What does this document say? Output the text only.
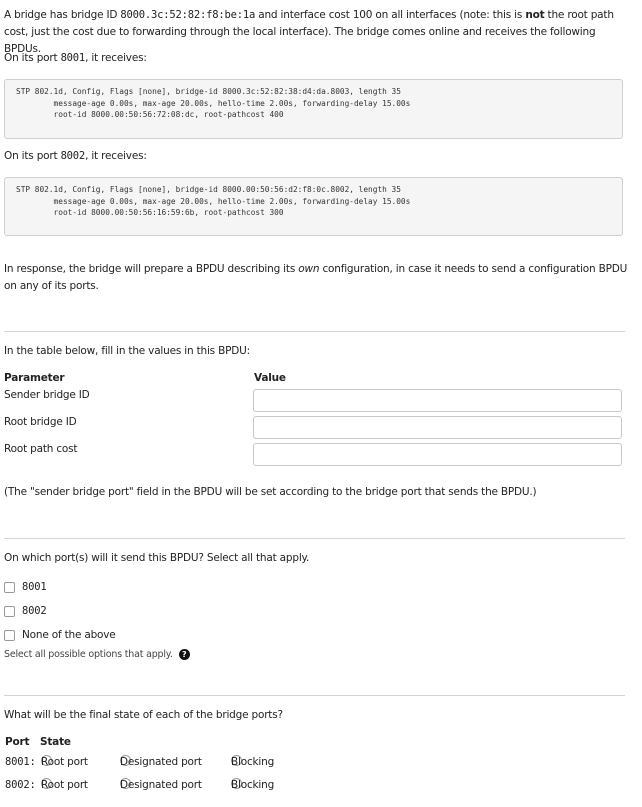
A bridge has bridge ID 8000.3c:52:82:f8:be:1a and interface cost 100 on all interfaces (note: this is not the root path cost, just the cost due to forwarding through the local interface). The bridge comes online and receives the following BPDUs.
On its port 8001, it receives:
STP 802.1d, Config, Flags [none], bridge-id 8000.3c:52:82:38:d4:da.8003, length 35
message-age 0.00s, max-age 20.00s, hello-time 2.00s, forwarding-delay 15.00s
root-id 8000.00:50:56:72:08:dc, root-pathcost 400
On its port 8002, it receives:
STP 802.1d, Config, Flags [none], bridge-id 8000.00:50:56:d2:f8:0c.8002, length 35
message-age 0.00s, max-age 20.00s, hello-time 2.00s, forwarding-delay 15.00s
root-id 8000.00:50:56:16:59:6b, root-pathcost 300
In response, the bridge will prepare a BPDU describing its own configuration, in case it needs to send a configuration BPDU on any of its ports.
In the table below, fill in the values in this BPDU:
Parameter	Value
Sender bridge ID
Root bridge ID
Root path cost
(The "sender bridge port" field in the BPDU will be set according to the bridge port that sends the BPDU.)
On which port(s) will it send this BPDU? Select all that apply.
8001
8002
None of the above
Select all possible options that apply. ?
What will be the final state of each of the bridge ports?
Port State
8001: Root port	Designated port	Blocking
8002: Root port	Designated port	Blocking
